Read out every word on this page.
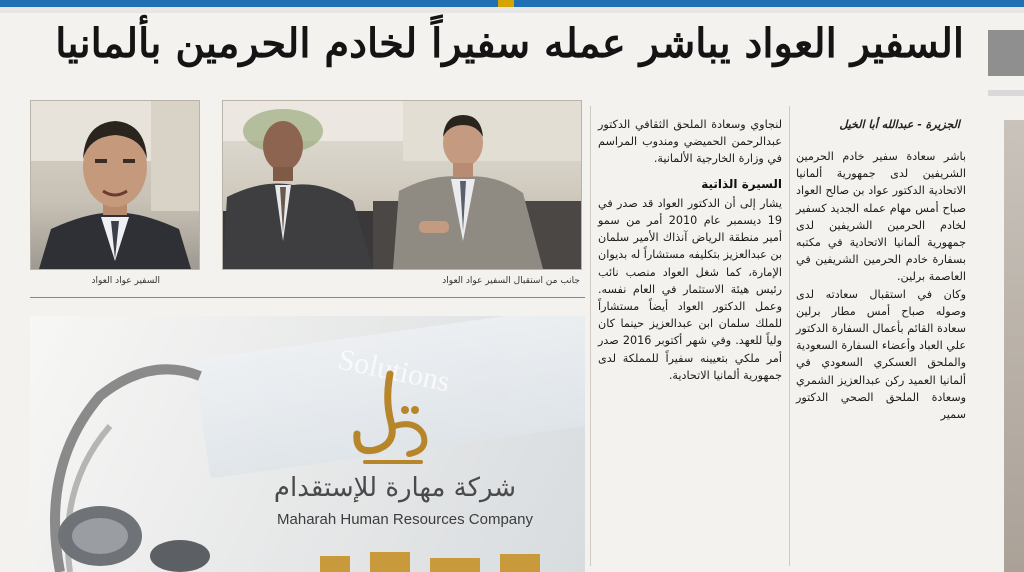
السفير العواد يباشر عمله سفيراً لخادم الحرمين بألمانيا
السفير عواد العواد	جانب من استقبال السفير عواد العواد
الجزيرة - عبدالله أبا الخيل

باشر سعادة سفير خادم الحرمين الشريفين لدى جمهورية ألمانيا الاتحادية الدكتور عواد بن صالح العواد صباح أمس مهام عمله الجديد كسفير لخادم الحرمين الشريفين لدى جمهورية ألمانيا الاتحادية في مكتبه بسفارة خادم الحرمين الشريفين في العاصمة برلين.

وكان في استقبال سعادته لدى وصوله صباح أمس مطار برلين سعادة القائم بأعمال السفارة الدكتور علي العباد وأعضاء السفارة السعودية والملحق العسكري السعودي في ألمانيا العميد ركن عبدالعزيز الشمري وسعادة الملحق الصحي الدكتور سمير

لنجاوي وسعادة الملحق الثقافي الدكتور عبدالرحمن الحميضي ومندوب المراسم في وزارة الخارجية الألمانية.

السيرة الذاتية

يشار إلى أن الدكتور العواد قد صدر في 19 ديسمبر عام 2010 أمر من سمو أمير منطقة الرياض آنذاك الأمير سلمان بن عبدالعزيز بتكليفه مستشاراً له بديوان الإمارة، كما شغل العواد منصب نائب رئيس هيئة الاستثمار في العام نفسه. وعمل الدكتور العواد أيضاً مستشاراً للملك سلمان ابن عبدالعزيز حينما كان ولياً للعهد. وفي شهر أكتوبر 2016 صدر أمر ملكي بتعيينه سفيراً للمملكة لدى جمهورية ألمانيا الاتحادية.

Solutions
شركة مهارة للإستقدام
Maharah Human Resources Company
